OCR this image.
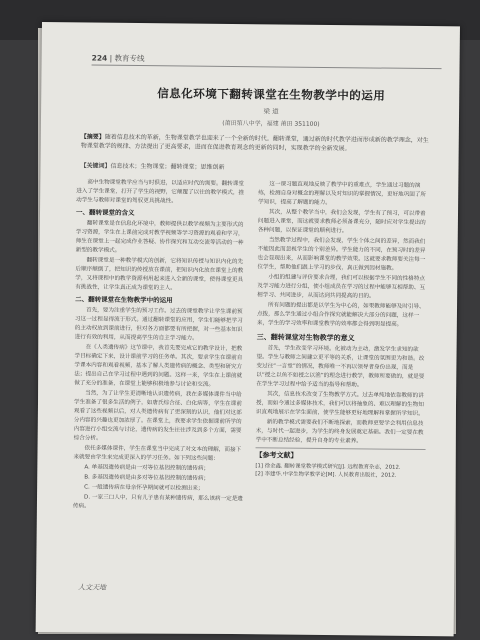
224 | 教育专线
信息化环境下翻转课堂在生物教学中的运用
梁 道
(莆田第八中学，福建 莆田 351100)
【摘要】随着信息技术的革新，生物课堂教学也迎来了一个全新的时代。翻转课堂，通过新的时代教学进而形成新的教学理念，对生物课堂教学的规律、方法提出了更高要求，进而在促进教育观念的更新的同时，实现教学的全新发展。
【关键词】信息技术；生物课堂；翻转课堂；思维创新

高中生物课堂教学应当与时俱进，以适应时代的需要。翻转课堂进入了学生课堂，打开了学生的视野，它颠覆了以往的教学模式，推动学生与教师对课堂的驾驭更具挑战性。

一、翻转课堂的含义

翻转课堂是在信息化环境中，教师提供以教学视频为主要形式的学习资源，学生在上课前完成对教学视频等学习资源的观看和学习，师生在课堂上一起完成作业答疑、协作探究和互动交流等活动的一种新型的教学模式。

翻转课堂是一种教学模式的创新，它将知识传授与知识内化的先后顺序颠倒了，把知识的传授放在课前，把知识内化放在课堂上的教学，又将课程中的教学资源利用起来进入全新的课堂，使得课堂更具有挑战性，让学生真正成为课堂的主人。

二、翻转课堂在生物教学中的运用

首先，要为注重学生的预习工作。过去的课堂教学让学生课前预习这一过程显得流于形式。通过翻转课堂的应用，学生们能够把学习的主动权放到课前进行，但对各方面都要有所把握，对一些基本知识进行有效的利用，从而提高学生的自主学习能力。

在《人类遗传病》这节课中，我首先要完成它的教学设计，把教学目标确定下来，设计课前学习的任务单。其次，要求学生在课前自学课本内容和观看视频，基本了解人类遗传病的概念、类型和研究方法；提出自己在学习过程中遇到的问题。这样一来，学生在上课前就做了充分的准备，在课堂上能够积极地参与讨论和交流。

当然，为了让学生更清晰地认识遗传病，我在多媒体课件当中给学生准备了很多生活的例子，如唐氏综合征、白化病等，学生在课前观看了这些视频以后，对人类遗传病有了更深刻的认识，他们对这部分内容的兴趣也更加浓厚了。在课堂上，我要求学生依据课前所学的内容进行小组交流与讨论，遗传病的发生往往涉及到多个方面，需要综合分析。

依托多媒体课件，学生在课堂当中完成了对文本的理解，而接下来就要由学生来完成更深入的学习任务。如下列这些问题：

A. 单基因遗传病是由一对等位基因控制的遗传病；

B. 多基因遗传病是由多对等位基因控制的遗传病；

C. 一般遗传病在母亲怀孕期间就可以检测出来；

D. 一家三口人中，只有儿子患有某种遗传病，那么该病一定是遗传病。

这一课习题直观地反映了教学中的重难点，学生通过习题的演练，检测自身对概念的理解以及对知识的掌握情况，更好地巩固了所学知识，提高了解题的能力。

其次，从整个教学当中，我们会发现，学生有了预习，可以带着问题进入课堂，而这就要求教师必须备课充分，随时应对学生提出的各种问题，以保证课堂的顺利进行。

当然教学过程中，我们会发现，学生个体之间的差异，然而我们不能因此而忽视学生的个别差异。学生能力的不同，在预习时的差异也会显现出来，从而影响课堂的教学效果。这就要求教师要关注每一位学生，帮助他们跟上学习的步伐，真正做到因材施教。

小组的组建与评价要求合理，我们可以根据学生不同的性格特点及学习能力进行分组，使小组成员在学习的过程中能够互相帮助、互相学习、共同进步，从而达到共同提高的目的。

所有问题的提出都是以学生为中心的，如果教师能够及时引导、点拨，那么学生通过小组合作探究就能解决大部分的问题，这样一来，学生的学习效率和课堂教学的效率都会得到明显提高。

三、翻转课堂对生物教学的意义

首先，学生改变学习环境。化被动为主动，激发学生求知的欲望。学生与教师之间建立更平等的关系，让课堂的氛围更为和谐。改变过往“一言堂”的情况，教师唯一不再以领导者身份出现，而是以“授之以鱼不如授之以渔”的理念进行教学，教师所要做的，就是要在学生学习过程中给予适当的指导和帮助。

其次，信息技术改变了生物教学方式。过去单纯地依靠教师的讲授，而如今通过多媒体技术，我们可以将抽象的、难以理解的生物知识直观地展示在学生面前，使学生能够更好地理解和掌握所学知识。

新的教学模式需要我们不断地探索，而教师更要学会利用信息技术，与时代一起进步，为学生的终身发展奠定基础。我们一定要在教学中不断总结经验，提升自身的专业素养。

【参考文献】
[1] 徐金鑫. 翻转课堂教学模式研究[J]. 远程教育杂志，2012.
[2] 李建华.中学生物学教学论[M]. 人民教育出版社，2012.
人文天地
